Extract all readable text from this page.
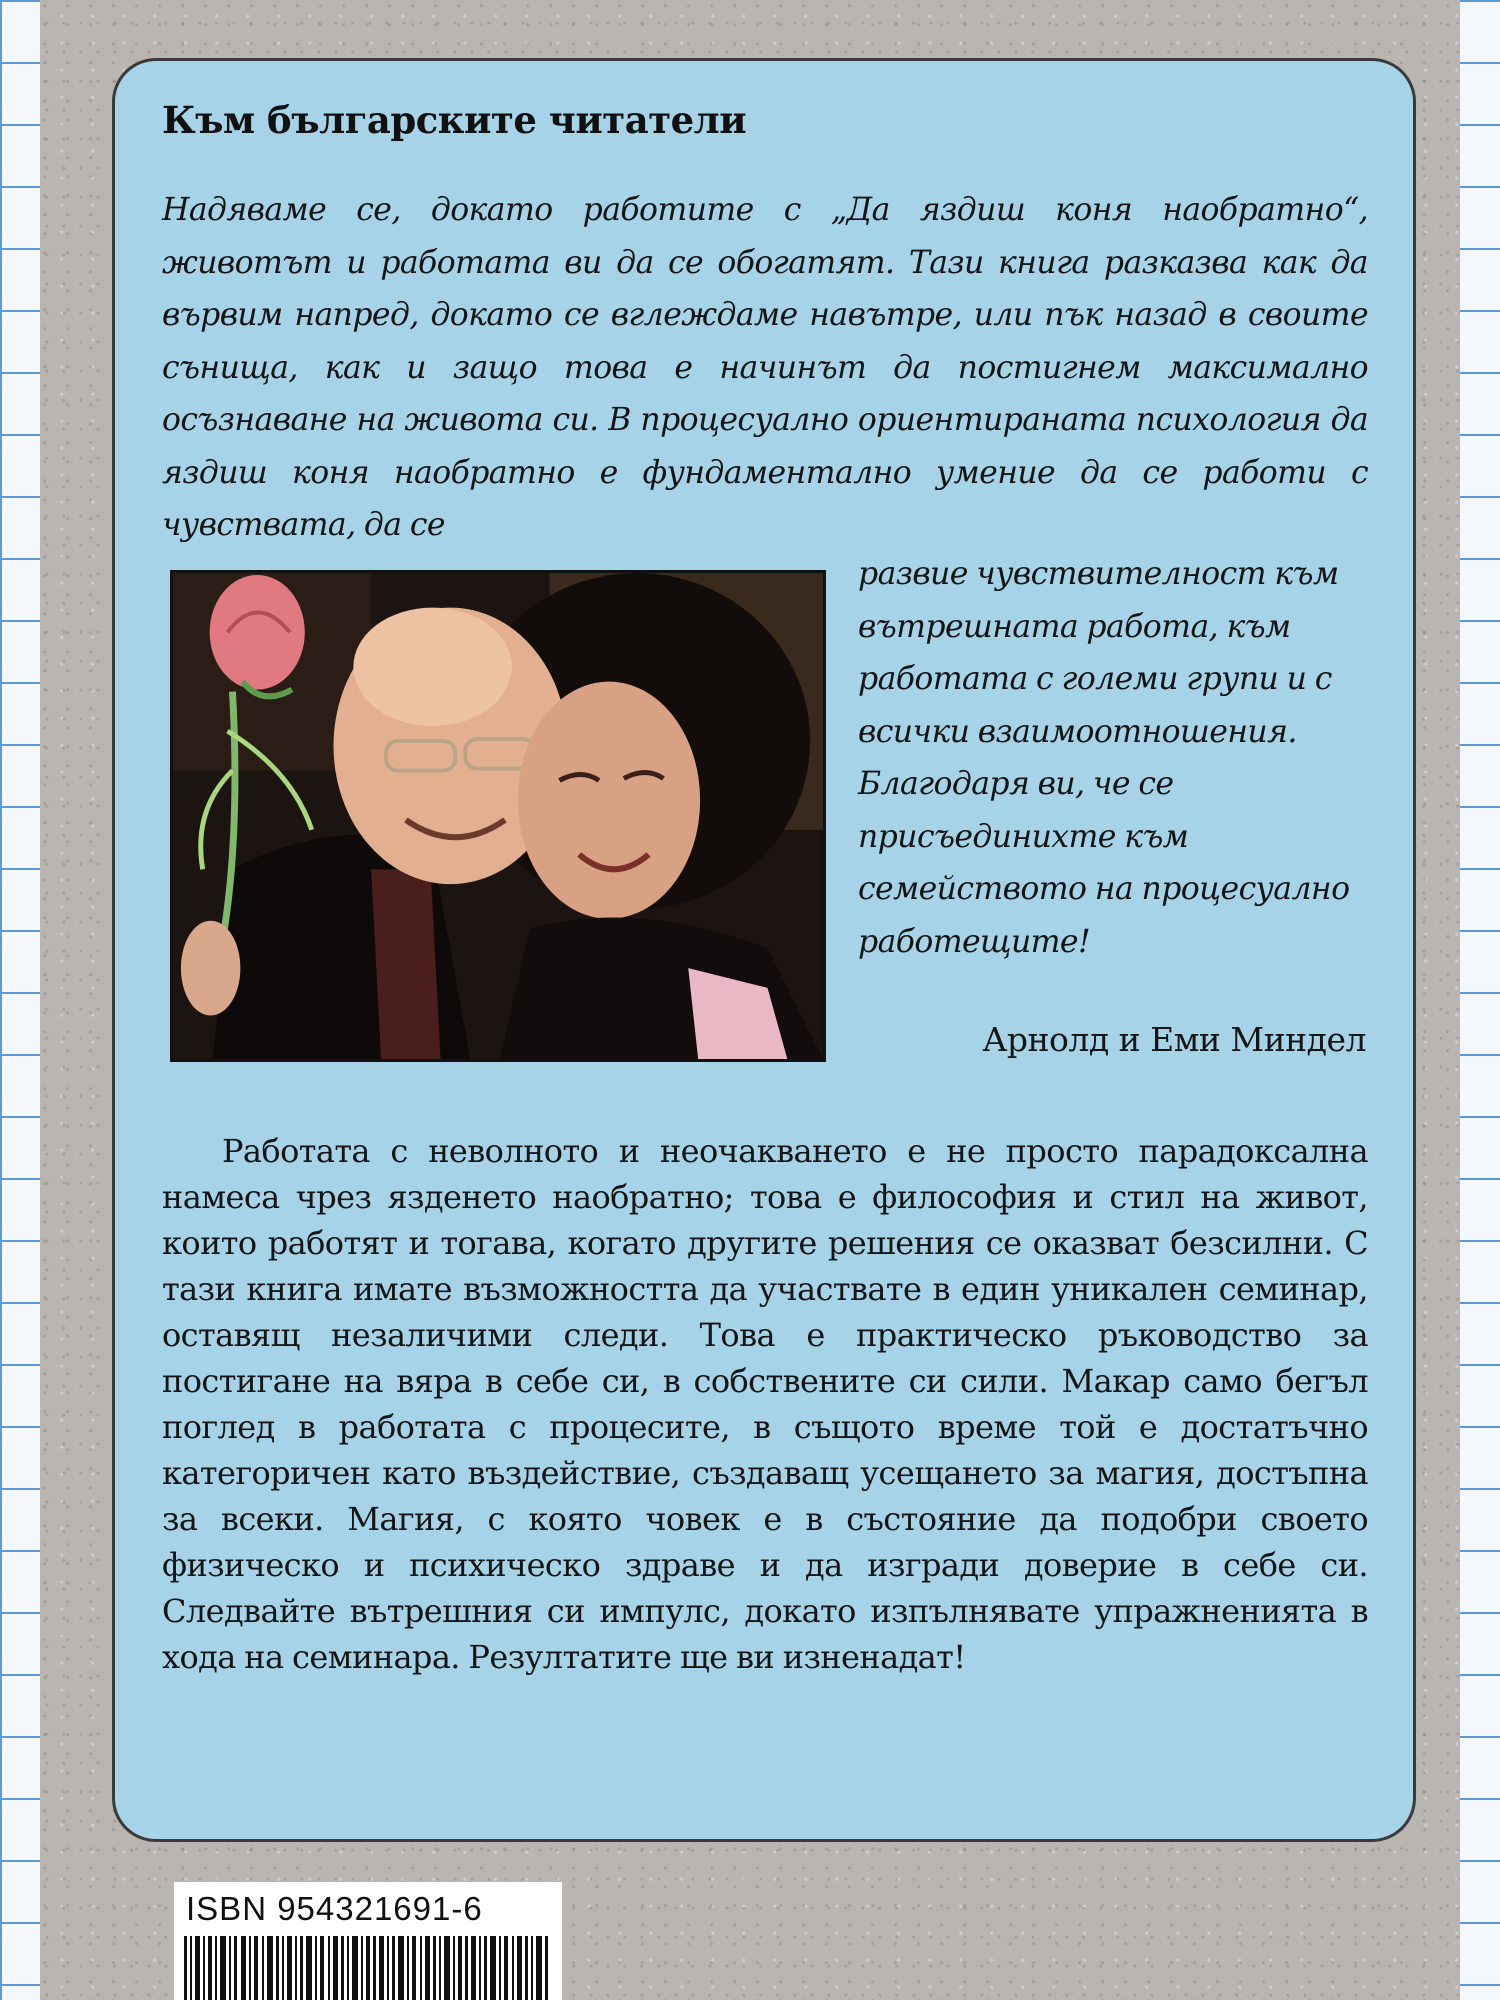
Към българските читатели

Надяваме се, докато работите с „Да яздиш коня наобратно“, животът и работата ви да се обогатят. Тази книга разказва как да вървим напред, докато се вглеждаме навътре, или пък назад в своите сънища, как и защо това е начинът да постигнем максимално осъзнаване на живота си. В процесуално ориентираната психология да яздиш коня наобратно е фундаментално умение да се работи с чувствата, да се

развие чувствителност към вътрешната работа, към работата с големи групи и с всички взаимоотношения. Благодаря ви, че се присъединихте към семейството на процесуално работещите!

Арнолд и Еми Миндел

Работата с неволното и неочакването е не просто парадоксална намеса чрез язденето наобратно; това е философия и стил на живот, които работят и тогава, когато другите решения се оказват безсилни. С тази книга имате възможността да участвате в един уникален семинар, оставящ незаличими следи. Това е практическо ръководство за постигане на вяра в себе си, в собствените си сили. Макар само бегъл поглед в работата с процесите, в същото време той е достатъчно категоричен като въздействие, създаващ усещането за магия, достъпна за всеки. Магия, с която човек е в състояние да подобри своето физическо и психическо здраве и да изгради доверие в себе си. Следвайте вътрешния си импулс, докато изпълнявате упражненията в хода на семинара. Резултатите ще ви изненадат!

ISBN 954321691-6
